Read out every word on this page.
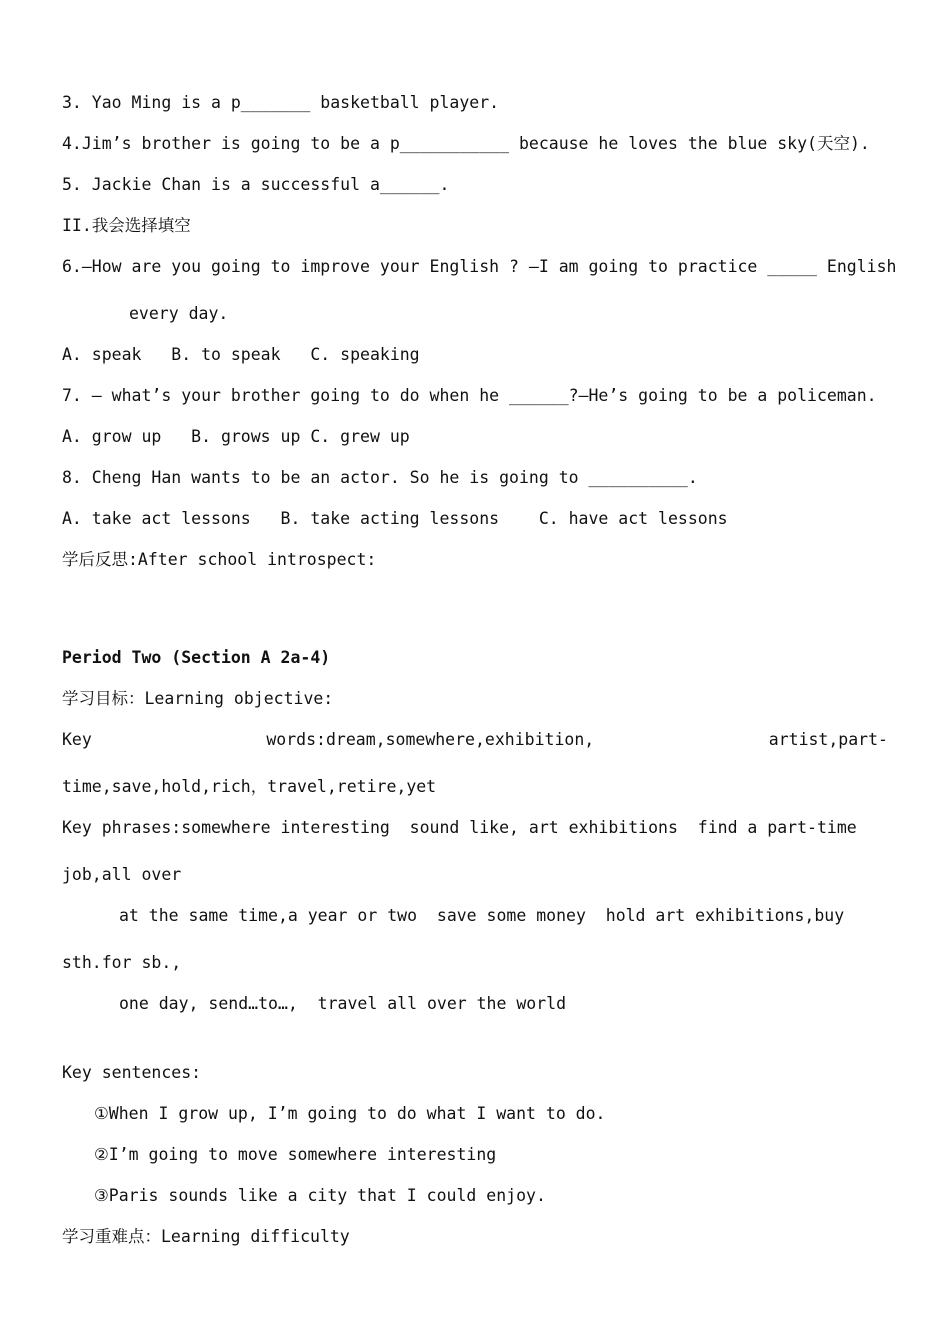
3. Yao Ming is a p_______ basketball player.
4.Jim’s brother is going to be a p___________ because he loves the blue sky(天空).
5. Jackie Chan is a successful a______.
II.我会选择填空
6.—How are you going to improve your English ? —I am going to practice _____ English
every day.
A. speak   B. to speak   C. speaking
7. — what’s your brother going to do when he ______?—He’s going to be a policeman.
A. grow up   B. grows up C. grew up
8. Cheng Han wants to be an actor. So he is going to __________.
A. take act lessons   B. take acting lessons    C. have act lessons
学后反思:After school introspect:
Period Two (Section A 2a-4)
学习目标：Learning objective:
Key	words:dream,somewhere,exhibition,	artist,part-
time,save,hold,rich，travel,retire,yet
Key phrases:somewhere interesting  sound like, art exhibitions  find a part-time
job,all over
at the same time,a year or two  save some money  hold art exhibitions,buy
sth.for sb.,
one day, send…to…,  travel all over the world
Key sentences:
①When I grow up, I’m going to do what I want to do.
②I’m going to move somewhere interesting
③Paris sounds like a city that I could enjoy.
学习重难点：Learning difficulty
